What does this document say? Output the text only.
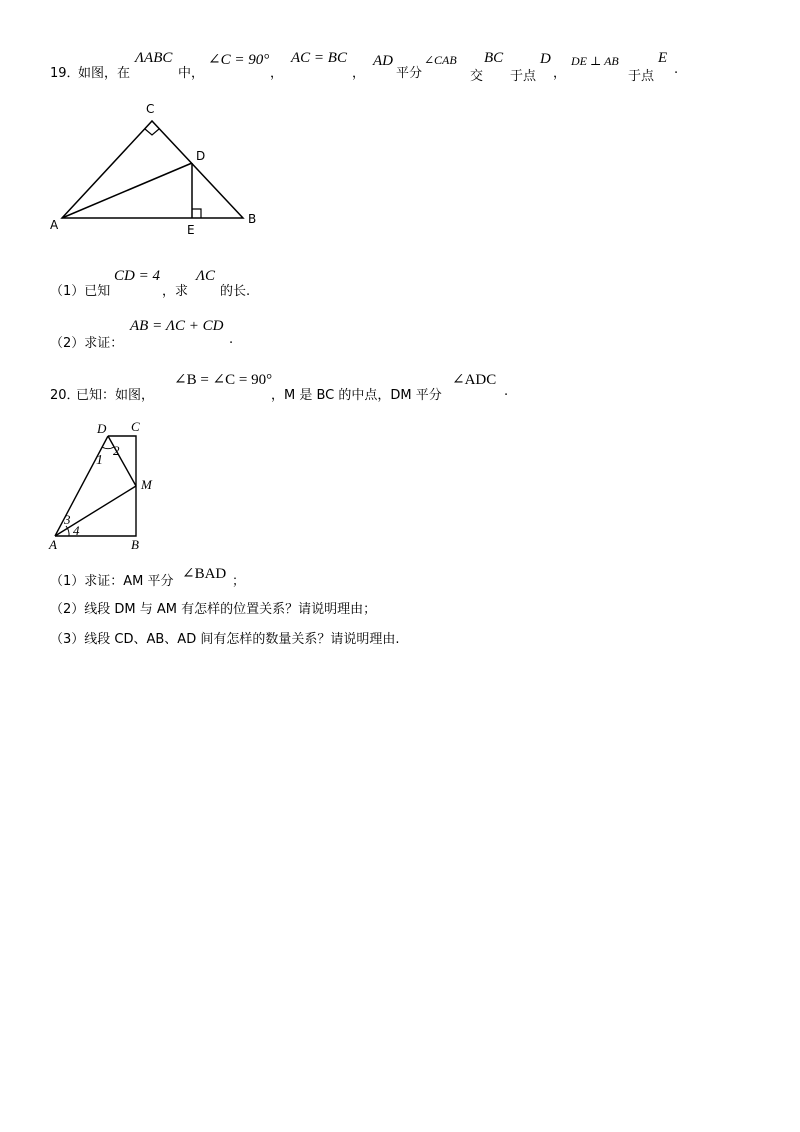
19．
如图，在
ΛABC
中，
∠C = 90°
，
AC = BC
，
AD
平分
∠CAB BC
交 于点
D
，
DE ⊥ AB
于点
E
.
C
D
A	B
E
（1）已知
CD = 4
，求
ΛC
的长.
（2）求证：
AB = ΛC + CD
.
20．
已知：如图，
∠B = ∠C = 90°
，M 是 BC 的中点，DM 平分
∠ADC
.
D C
M
A	B
1
2
3
4
（1）求证：AM 平分 ∠BAD ；
（2）线段 DM 与 AM 有怎样的位置关系？请说明理由；
（3）线段 CD、AB、AD 间有怎样的数量关系？请说明理由.
